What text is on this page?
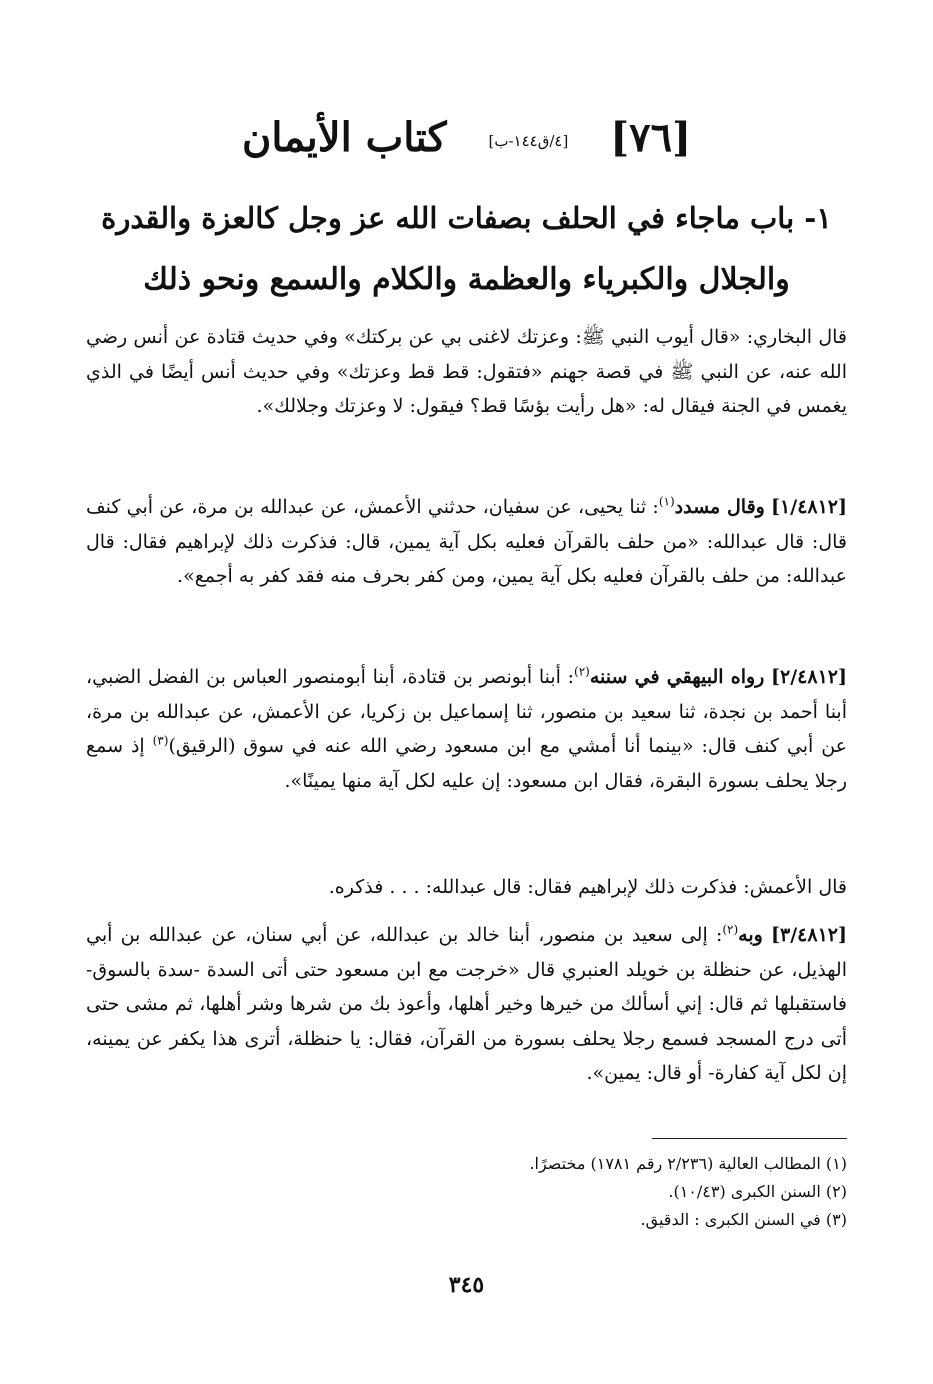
[٧٦]  [٤/ق١٤٤-ب]  كتاب الأيمان
١- باب ماجاء في الحلف بصفات الله عز وجل كالعزة والقدرة
والجلال والكبرياء والعظمة والكلام والسمع ونحو ذلك

قال البخاري: «قال أيوب النبي ﷺ: وعزتك لاغنى بي عن بركتك» وفي حديث قتادة عن أنس رضي الله عنه، عن النبي ﷺ في قصة جهنم «فتقول: قط قط وعزتك» وفي حديث أنس أيضًا في الذي يغمس في الجنة فيقال له: «هل رأيت بؤسًا قط؟ فيقول: لا وعزتك وجلالك».

[١/٤٨١٢] وقال مسدد$^{(١)}$: ثنا يحيى، عن سفيان، حدثني الأعمش، عن عبدالله بن مرة، عن أبي كنف قال: قال عبدالله: «من حلف بالقرآن فعليه بكل آية يمين، قال: فذكرت ذلك لإبراهيم فقال: قال عبدالله: من حلف بالقرآن فعليه بكل آية يمين، ومن كفر بحرف منه فقد كفر به أجمع».

[٢/٤٨١٢] رواه البيهقي في سننه$^{(٢)}$: أبنا أبونصر بن قتادة، أبنا أبومنصور العباس بن الفضل الضبي، أبنا أحمد بن نجدة، ثنا سعيد بن منصور، ثنا إسماعيل بن زكريا، عن الأعمش، عن عبدالله بن مرة، عن أبي كنف قال: «بينما أنا أمشي مع ابن مسعود رضي الله عنه في سوق (الرقيق)$^{(٣)}$ إذ سمع رجلا يحلف بسورة البقرة، فقال ابن مسعود: إن عليه لكل آية منها يمينًا».

قال الأعمش: فذكرت ذلك لإبراهيم فقال: قال عبدالله: . . . فذكره.

[٣/٤٨١٢] وبه$^{(٢)}$: إلى سعيد بن منصور، أبنا خالد بن عبدالله، عن أبي سنان، عن عبدالله بن أبي الهذيل، عن حنظلة بن خويلد العنبري قال «خرجت مع ابن مسعود حتى أتى السدة -سدة بالسوق- فاستقبلها ثم قال: إني أسألك من خيرها وخير أهلها، وأعوذ بك من شرها وشر أهلها، ثم مشى حتى أتى درج المسجد فسمع رجلا يحلف بسورة من القرآن، فقال: يا حنظلة، أترى هذا يكفر عن يمينه، إن لكل آية كفارة- أو قال: يمين».

(١) المطالب العالية (٢/٢٣٦ رقم ١٧٨١) مختصرًا.
(٢) السنن الكبرى (١٠/٤٣).
(٣) في السنن الكبرى : الدقيق.
٣٤٥
